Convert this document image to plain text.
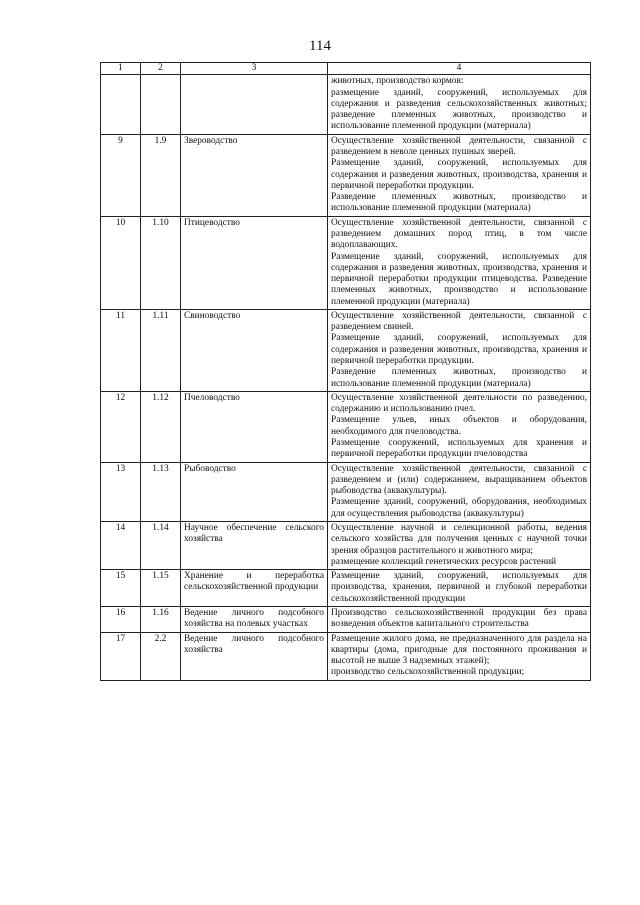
114
1	2	3	4

			животных, производство кормов:
размещение зданий, сооружений, используемых для содержания и разведения сельскохозяйственных животных; разведение племенных животных, производство и использование племенной продукции (материала)

9	1.9	Звероводство	Осуществление хозяйственной деятельности, связанной с разведением в неволе ценных пушных зверей.
Размещение зданий, сооружений, используемых для содержания и разведения животных, производства, хранения и первичной переработки продукции.
Разведение племенных животных, производство и использование племенной продукции (материала)

10	1.10	Птицеводство	Осуществление хозяйственной деятельности, связанной с разведением домашних пород птиц, в том числе водоплавающих.
Размещение зданий, сооружений, используемых для содержания и разведения животных, производства, хранения и первичной переработки продукции птицеводства. Разведение племенных животных, производство и использование племенной продукции (материала)

11	1.11	Свиноводство	Осуществление хозяйственной деятельности, связанной с разведением свиней.
Размещение зданий, сооружений, используемых для содержания и разведения животных, производства, хранения и первичной переработки продукции.
Разведение племенных животных, производство и использование племенной продукции (материала)

12	1.12	Пчеловодство	Осуществление хозяйственной деятельности по разведению, содержанию и использованию пчел.
Размещение ульев, иных объектов и оборудования, необходимого для пчеловодства.
Размещение сооружений, используемых для хранения и первичной переработки продукции пчеловодства

13	1.13	Рыбоводство	Осуществление хозяйственной деятельности, связанной с разведением и (или) содержанием, выращиванием объектов рыбоводства (аквакультуры).
Размещение зданий, сооружений, оборудования, необходимых для осуществления рыбоводства (аквакультуры)

14	1.14	Научное обеспечение сельского хозяйства	Осуществление научной и селекционной работы, ведения сельского хозяйства для получения ценных с научной точки зрения образцов растительного и животного мира;
размещение коллекций генетических ресурсов растений

15	1.15	Хранение и переработка сельскохозяйственной продукции	Размещение зданий, сооружений, используемых для производства, хранения, первичной и глубокой переработки сельскохозяйственной продукции

16	1.16	Ведение личного подсобного хозяйства на полевых участках	Производство сельскохозяйственной продукции без права возведения объектов капитального строительства

17	2.2	Ведение личного подсобного хозяйства	Размещение жилого дома, не предназначенного для раздела на квартиры (дома, пригодные для постоянного проживания и высотой не выше 3 надземных этажей);
производство сельскохозяйственной продукции;
